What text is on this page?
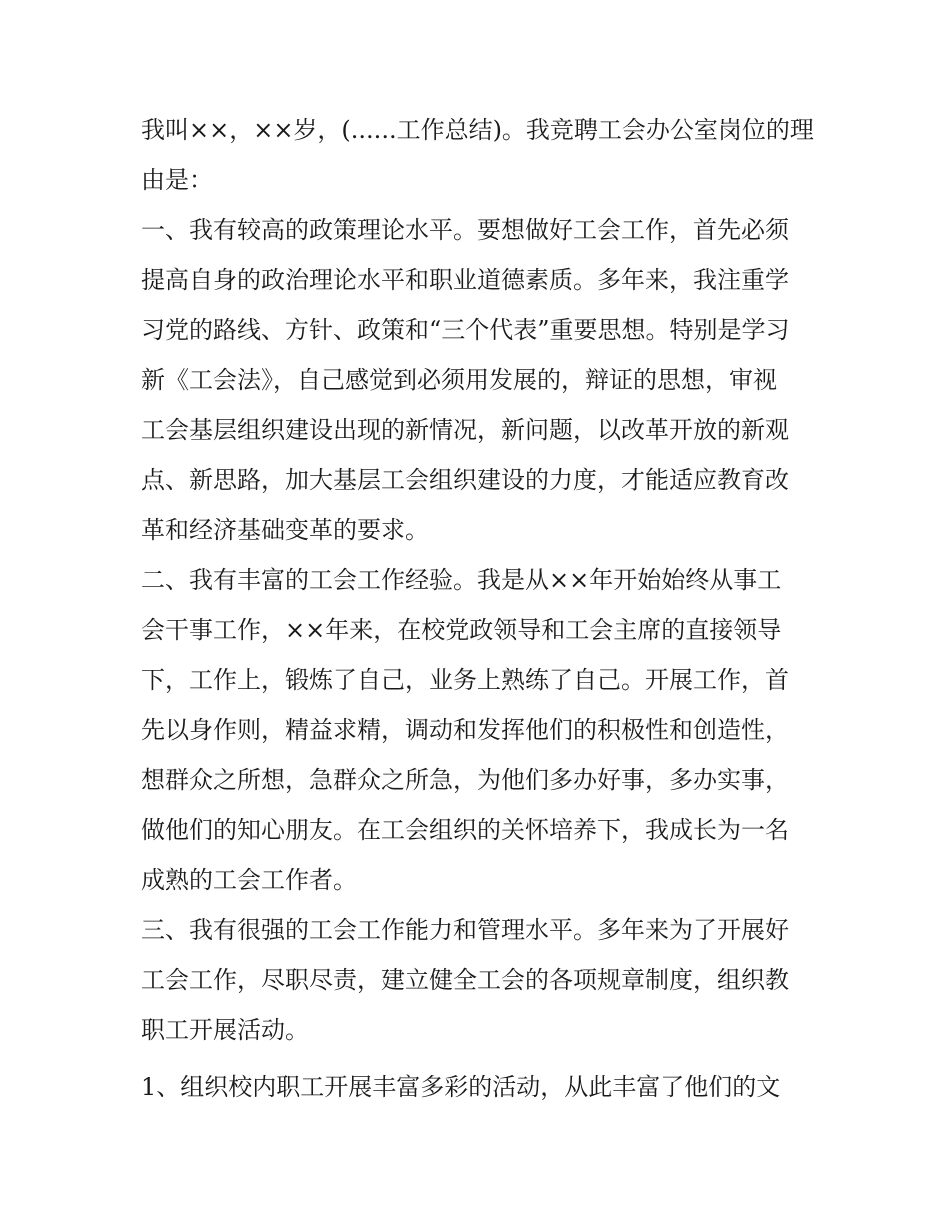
我叫××，××岁，(......工作总结)。我竞聘工会办公室岗位的理
由是：
一、我有较高的政策理论水平。要想做好工会工作，首先必须
提高自身的政治理论水平和职业道德素质。多年来，我注重学
习党的路线、方针、政策和“三个代表”重要思想。特别是学习
新《工会法》，自己感觉到必须用发展的，辩证的思想，审视
工会基层组织建设出现的新情况，新问题，以改革开放的新观
点、新思路，加大基层工会组织建设的力度，才能适应教育改
革和经济基础变革的要求。
二、我有丰富的工会工作经验。我是从××年开始始终从事工
会干事工作，××年来，在校党政领导和工会主席的直接领导
下，工作上，锻炼了自己，业务上熟练了自己。开展工作，首
先以身作则，精益求精，调动和发挥他们的积极性和创造性，
想群众之所想，急群众之所急，为他们多办好事，多办实事，
做他们的知心朋友。在工会组织的关怀培养下，我成长为一名
成熟的工会工作者。
三、我有很强的工会工作能力和管理水平。多年来为了开展好
工会工作，尽职尽责，建立健全工会的各项规章制度，组织教
职工开展活动。
1、组织校内职工开展丰富多彩的活动，从此丰富了他们的文
